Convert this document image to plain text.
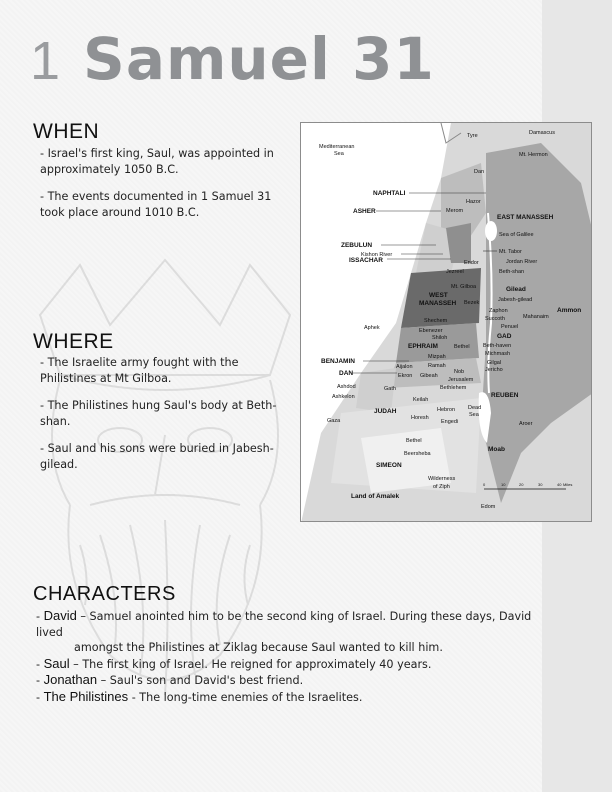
1 Samuel 31
WHEN

- Israel's first king, Saul, was appointed in approximately 1050 B.C.

- The events documented in 1 Samuel 31 took place around 1010 B.C.

WHERE

- The Israelite army fought with the Philistines at Mt Gilboa.

- The Philistines hung Saul's body at Beth-shan.

- Saul and his sons were buried in Jabesh-gilead.

Mediterranean
Sea
Tyre	Damascus
Mt. Hermon
Dan
Hazor
Merom
Sea of Galilee
Kishon River	Mt. Tabor
Jordan River
Endor
Jezreel	Beth-shan
Mt. Gilboa
Bezek	Jabesh-gilead
Zaphon
Succoth	Mahanaim
Shechem
Penuel
Aphek	Ebenezer
Shiloh
Bethel Beth-haven
Michmash
Mizpah
Gilgal
Ramah
Jericho
Aijalon
Ekron Gibeah
Nob
Jerusalem
Ashdod	Gath	Bethlehem
Ashkelon	Keilah
Hebron Dead
Sea
Gaza	Horesh
Engedi	Aroer
Bethel
Beersheba
Wilderness
of Ziph
Edom
NAPHTALI
ASHER
EAST MANASSEH
ZEBULUN
ISSACHAR
Gilead
WEST
MANASSEH
Ammon
GAD
EPHRAIM
BENJAMIN
DAN
REUBEN
JUDAH
SIMEON
Moab
Land of Amalek
0	10	20	30	40 Miles
CHARACTERS
- David – Samuel anointed him to be the second king of Israel. During these days, David lived
amongst the Philistines at Ziklag because Saul wanted to kill him.
- Saul – The first king of Israel. He reigned for approximately 40 years.
- Jonathan – Saul's son and David's best friend.
- The Philistines - The long-time enemies of the Israelites.
